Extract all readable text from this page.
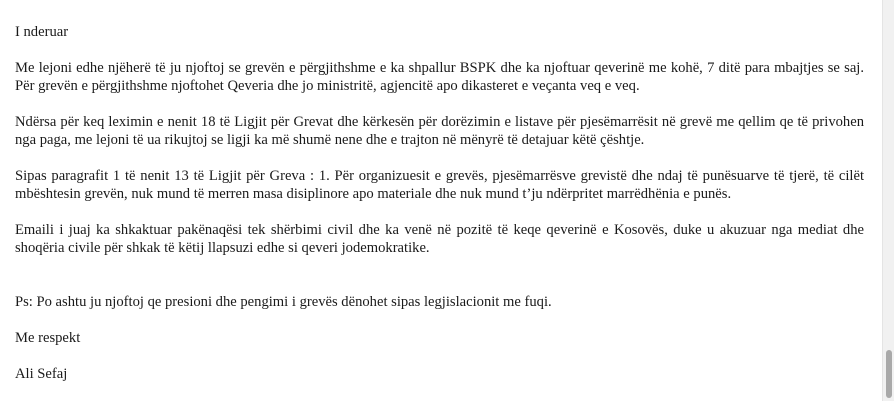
I nderuar

Me lejoni edhe njëherë të ju njoftoj se grevën e përgjithshme e ka shpallur BSPK dhe ka njoftuar qeverinë me kohë, 7 ditë para mbajtjes se saj. Për grevën e përgjithshme njoftohet Qeveria dhe jo ministritë, agjencitë apo dikasteret e veçanta veq e veq.

Ndërsa për keq leximin e nenit 18 të Ligjit për Grevat dhe kërkesën për dorëzimin e listave për pjesëmarrësit në grevë me qellim qe të privohen nga paga, me lejoni të ua rikujtoj se ligji ka më shumë nene dhe e trajton në mënyrë të detajuar këtë çështje.

Sipas paragrafit 1 të nenit 13 të Ligjit për Greva : 1. Për organizuesit e grevës, pjesëmarrësve grevistë dhe ndaj të punësuarve të tjerë, të cilët mbështesin grevën, nuk mund të merren masa disiplinore apo materiale dhe nuk mund t’ju ndërpritet marrëdhënia e punës.

Emaili i juaj ka shkaktuar pakënaqësi tek shërbimi civil dhe ka venë në pozitë të keqe qeverinë e Kosovës, duke u akuzuar nga mediat dhe shoqëria civile për shkak të këtij llapsuzi edhe si qeveri jodemokratike.

Ps: Po ashtu ju njoftoj qe presioni dhe pengimi i grevës dënohet sipas legjislacionit me fuqi.

Me respekt

Ali Sefaj
